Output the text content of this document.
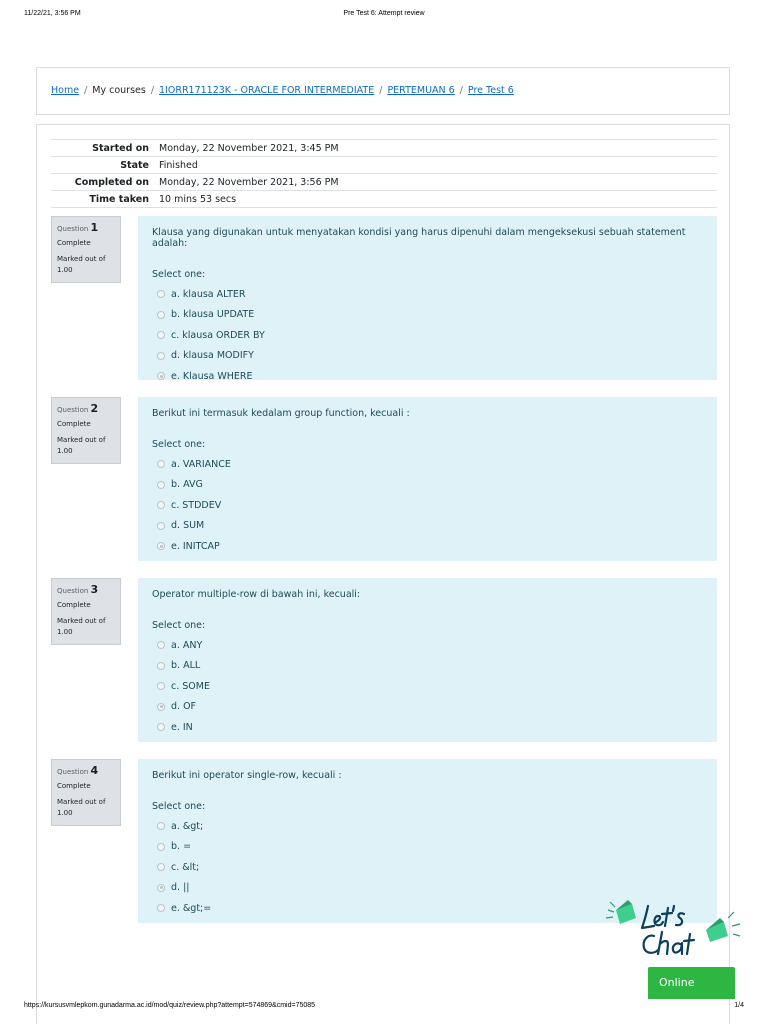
11/22/21, 3:56 PM	Pre Test 6: Attempt review
Home / My courses / 1IORR171123K - ORACLE FOR INTERMEDIATE / PERTEMUAN 6 / Pre Test 6
Started on	Monday, 22 November 2021, 3:45 PM
State	Finished
Completed on	Monday, 22 November 2021, 3:56 PM
Time taken	10 mins 53 secs
Question 1
Complete
Marked out of 1.00
Klausa yang digunakan untuk menyatakan kondisi yang harus dipenuhi dalam mengeksekusi sebuah statement adalah:
Select one:
a. klausa ALTER
b. klausa UPDATE
c. klausa ORDER BY
d. klausa MODIFY
e. Klausa WHERE
Question 2
Complete
Marked out of 1.00
Berikut ini termasuk kedalam group function, kecuali :
Select one:
a. VARIANCE
b. AVG
c. STDDEV
d. SUM
e. INITCAP
Question 3
Complete
Marked out of 1.00
Operator multiple-row di bawah ini, kecuali:
Select one:
a. ANY
b. ALL
c. SOME
d. OF
e. IN
Question 4
Complete
Marked out of 1.00
Berikut ini operator single-row, kecuali :
Select one:
a. &gt;
b. =
c. &lt;
d. ||
e. &gt;=
Online
https://kursusvmlepkom.gunadarma.ac.id/mod/quiz/review.php?attempt=574869&cmid=75085	1/4
